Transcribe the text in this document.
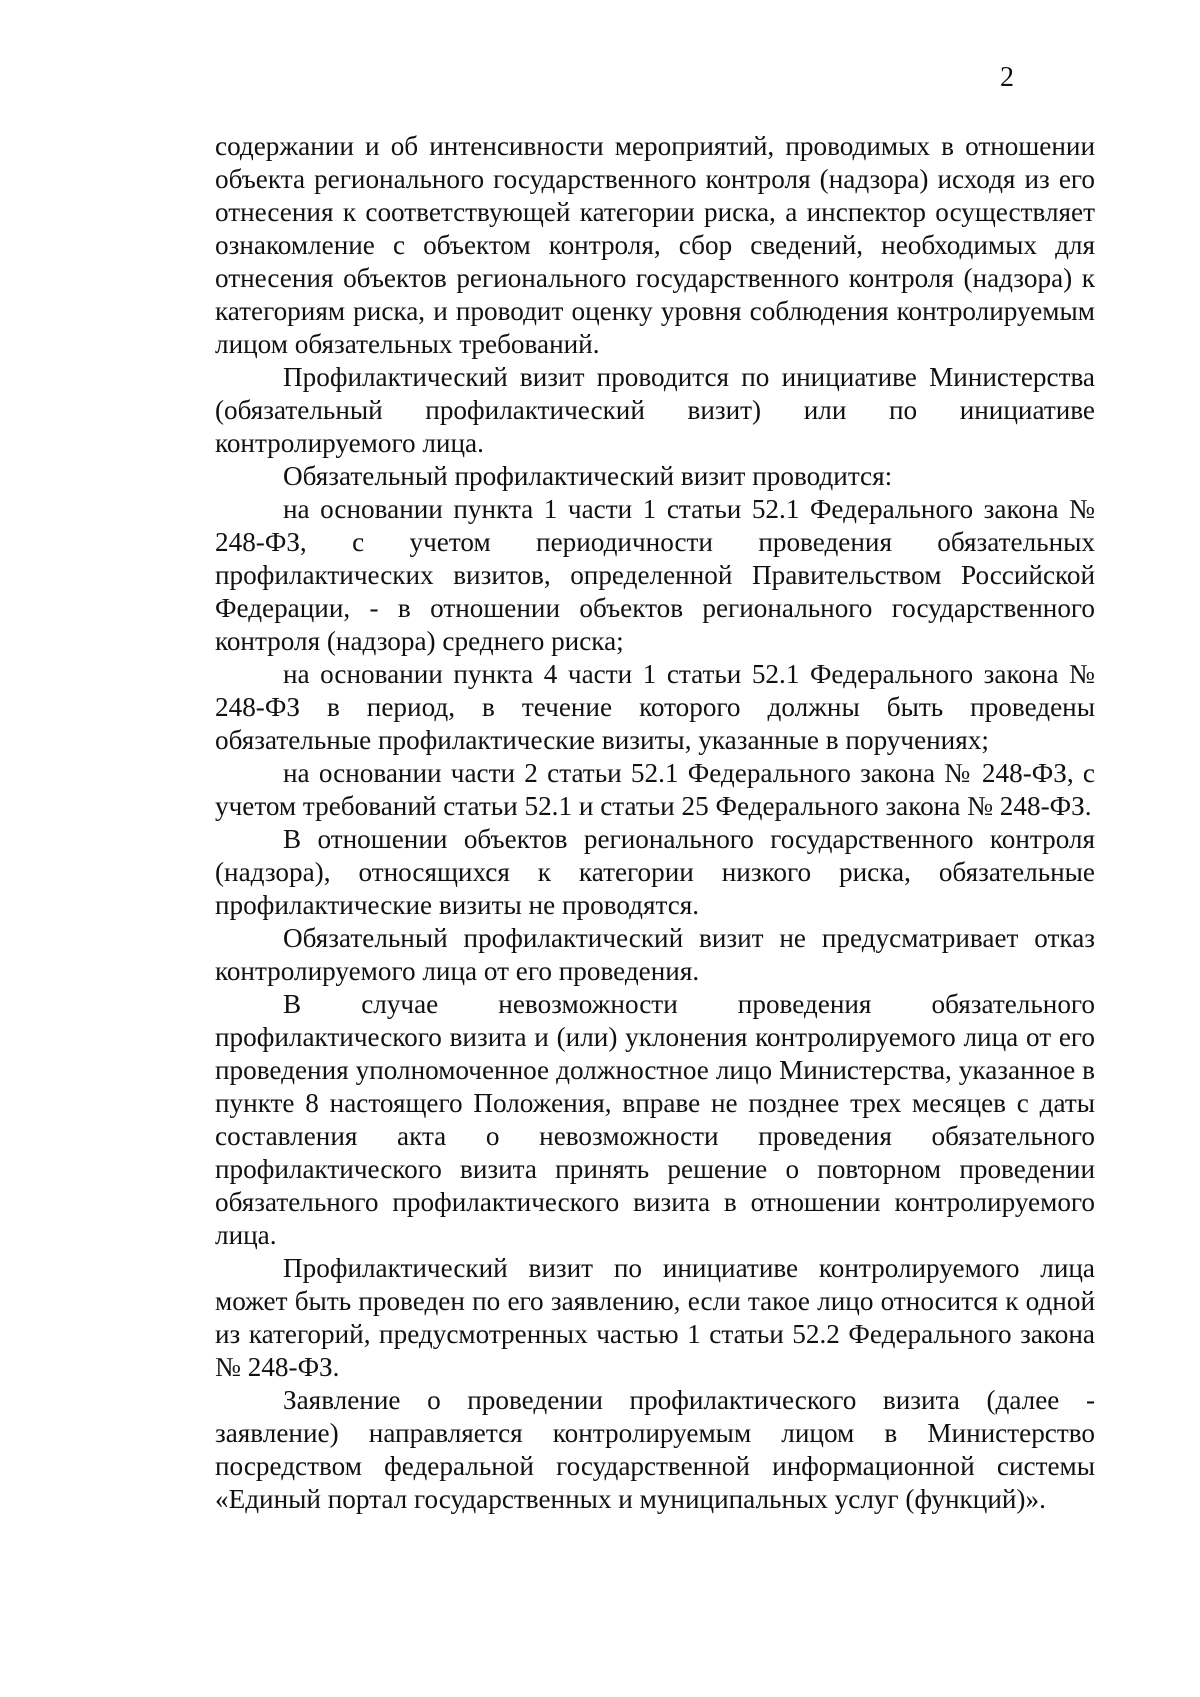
2

содержании и об интенсивности мероприятий, проводимых в отношении объекта регионального государственного контроля (надзора) исходя из его отнесения к соответствующей категории риска, а инспектор осуществляет ознакомление с объектом контроля, сбор сведений, необходимых для отнесения объектов регионального государственного контроля (надзора) к категориям риска, и проводит оценку уровня соблюдения контролируемым лицом обязательных требований.

Профилактический визит проводится по инициативе Министерства (обязательный профилактический визит) или по инициативе контролируемого лица.

Обязательный профилактический визит проводится:

на основании пункта 1 части 1 статьи 52.1 Федерального закона № 248-ФЗ, с учетом периодичности проведения обязательных профилактических визитов, определенной Правительством Российской Федерации, - в отношении объектов регионального государственного контроля (надзора) среднего риска;

на основании пункта 4 части 1 статьи 52.1 Федерального закона № 248-ФЗ в период, в течение которого должны быть проведены обязательные профилактические визиты, указанные в поручениях;

на основании части 2 статьи 52.1 Федерального закона № 248-ФЗ, с учетом требований статьи 52.1 и статьи 25 Федерального закона № 248-ФЗ.

В отношении объектов регионального государственного контроля (надзора), относящихся к категории низкого риска, обязательные профилактические визиты не проводятся.

Обязательный профилактический визит не предусматривает отказ контролируемого лица от его проведения.

В случае невозможности проведения обязательного профилактического визита и (или) уклонения контролируемого лица от его проведения уполномоченное должностное лицо Министерства, указанное в пункте 8 настоящего Положения, вправе не позднее трех месяцев с даты составления акта о невозможности проведения обязательного профилактического визита принять решение о повторном проведении обязательного профилактического визита в отношении контролируемого лица.

Профилактический визит по инициативе контролируемого лица может быть проведен по его заявлению, если такое лицо относится к одной из категорий, предусмотренных частью 1 статьи 52.2 Федерального закона № 248-ФЗ.

Заявление о проведении профилактического визита (далее - заявление) направляется контролируемым лицом в Министерство посредством федеральной государственной информационной системы «Единый портал государственных и муниципальных услуг (функций)».
